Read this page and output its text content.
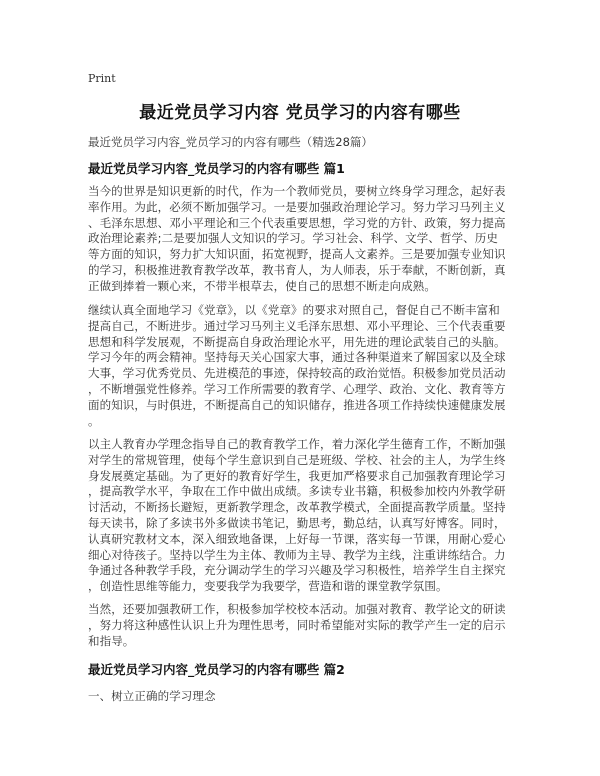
Print
最近党员学习内容 党员学习的内容有哪些
最近党员学习内容_党员学习的内容有哪些（精选28篇）
最近党员学习内容_党员学习的内容有哪些 篇1
当今的世界是知识更新的时代，作为一个教师党员，要树立终身学习理念，起好表
率作用。为此，必须不断加强学习。一是要加强政治理论学习。努力学习马列主义
、毛泽东思想、邓小平理论和三个代表重要思想，学习党的方针、政策，努力提高
政治理论素养;二是要加强人文知识的学习。学习社会、科学、文学、哲学、历史
等方面的知识，努力扩大知识面，拓宽视野，提高人文素养。三是要加强专业知识
的学习，积极推进教育教学改革，教书育人，为人师表，乐于奉献，不断创新，真
正做到捧着一颗心来，不带半根草去，使自己的思想不断走向成熟。
继续认真全面地学习《党章》，以《党章》的要求对照自己，督促自己不断丰富和
提高自己，不断进步。通过学习马列主义毛泽东思想、邓小平理论、三个代表重要
思想和科学发展观，不断提高自身政治理论水平，用先进的理论武装自己的头脑。
学习今年的两会精神。坚持每天关心国家大事，通过各种渠道来了解国家以及全球
大事，学习优秀党员、先进模范的事迹，保持较高的政治觉悟。积极参加党员活动
，不断增强党性修养。学习工作所需要的教育学、心理学、政治、文化、教育等方
面的知识，与时俱进，不断提高自己的知识储存，推进各项工作持续快速健康发展
。
以主人教育办学理念指导自己的教育教学工作，着力深化学生德育工作，不断加强
对学生的常规管理，使每个学生意识到自己是班级、学校、社会的主人，为学生终
身发展奠定基础。为了更好的教育好学生，我更加严格要求自己加强教育理论学习
，提高教学水平，争取在工作中做出成绩。多读专业书籍，积极参加校内外教学研
讨活动，不断扬长避短，更新教学理念，改革教学模式，全面提高教学质量。坚持
每天读书，除了多读书外多做读书笔记，勤思考，勤总结，认真写好博客。同时，
认真研究教材文本，深入细致地备课，上好每一节课，落实每一节课，用耐心爱心
细心对待孩子。坚持以学生为主体、教师为主导、教学为主线，注重讲练结合。力
争通过各种教学手段，充分调动学生的学习兴趣及学习积极性，培养学生自主探究
，创造性思维等能力，变要我学为我要学，营造和谐的课堂教学氛围。
当然，还要加强教研工作，积极参加学校校本活动。加强对教育、教学论文的研读
，努力将这种感性认识上升为理性思考，同时希望能对实际的教学产生一定的启示
和指导。
最近党员学习内容_党员学习的内容有哪些 篇2
一、树立正确的学习理念
